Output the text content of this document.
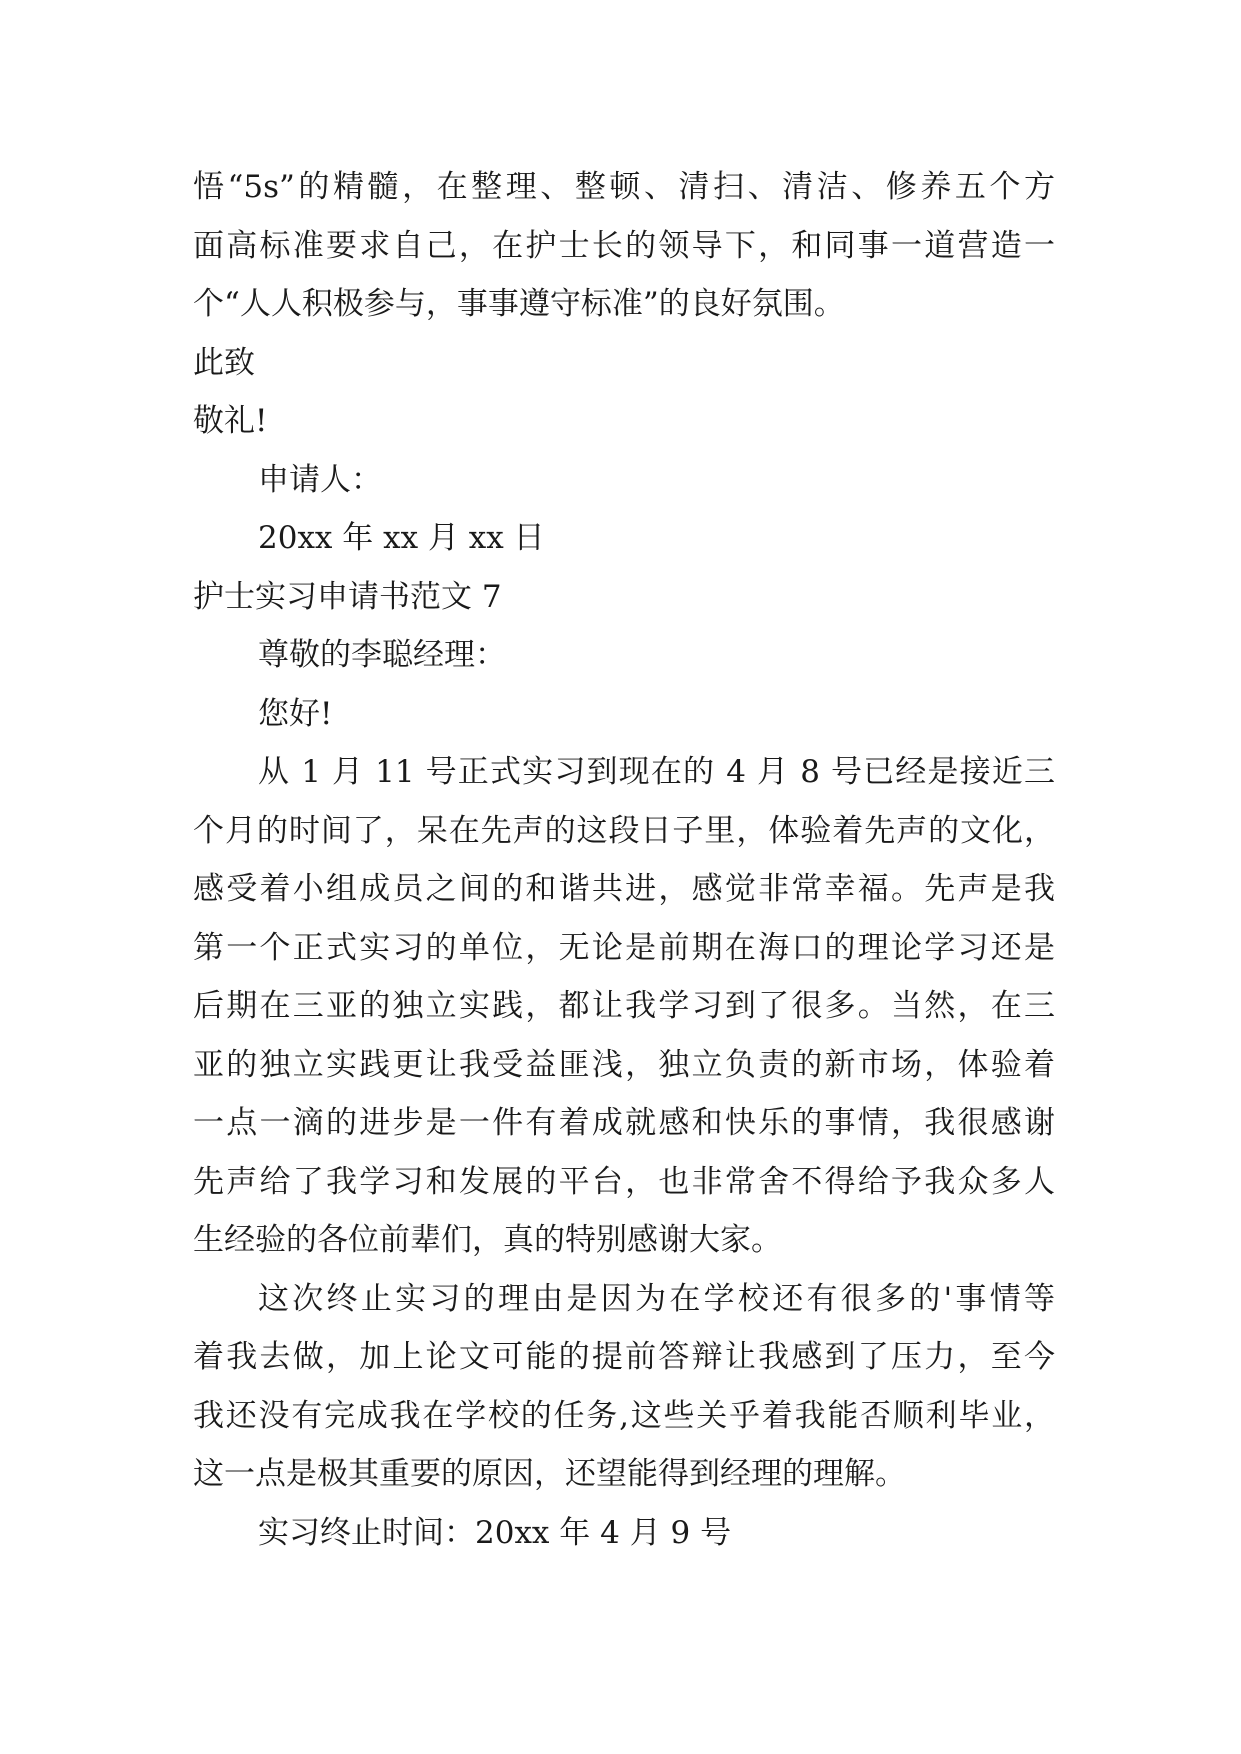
悟“5s”的精髓，在整理、整顿、清扫、清洁、修养五个方
面高标准要求自己，在护士长的领导下，和同事一道营造一
个“人人积极参与，事事遵守标准”的良好氛围。
此致
敬礼!
申请人：
20xx 年 xx 月 xx 日
护士实习申请书范文 7
尊敬的李聪经理：
您好!
从 1 月 11 号正式实习到现在的 4 月 8 号已经是接近三
个月的时间了，呆在先声的这段日子里，体验着先声的文化，
感受着小组成员之间的和谐共进，感觉非常幸福。先声是我
第一个正式实习的单位，无论是前期在海口的理论学习还是
后期在三亚的独立实践，都让我学习到了很多。当然，在三
亚的独立实践更让我受益匪浅，独立负责的新市场，体验着
一点一滴的进步是一件有着成就感和快乐的事情，我很感谢
先声给了我学习和发展的平台，也非常舍不得给予我众多人
生经验的各位前辈们，真的特别感谢大家。
这次终止实习的理由是因为在学校还有很多的'事情等
着我去做，加上论文可能的提前答辩让我感到了压力，至今
我还没有完成我在学校的任务,这些关乎着我能否顺利毕业，
这一点是极其重要的原因，还望能得到经理的理解。
实习终止时间：20xx 年 4 月 9 号
